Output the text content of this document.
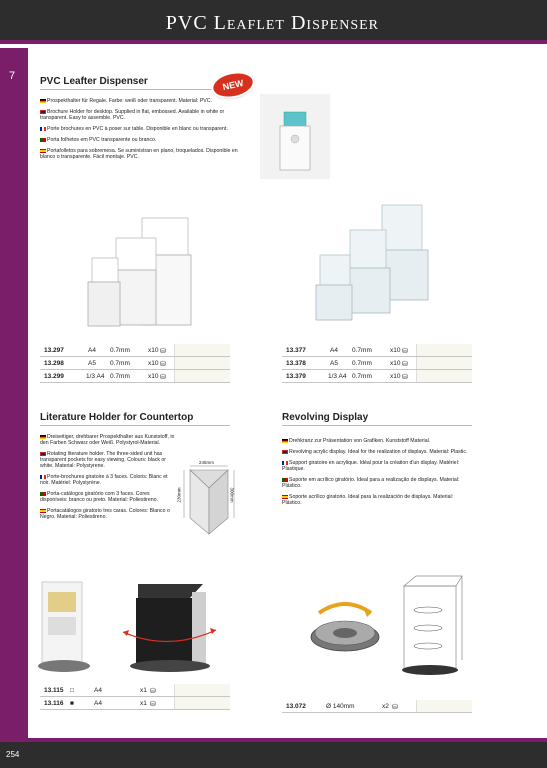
PVC Leaflet Dispenser
7 PVC Leafter Dispenser

Prospekthalter für Regale. Farbe: weiß oder transparent. Material: PVC.

Brochure Holder for desktop. Supplied in flat, embossed. Available in white or transparent. Easy to assemble. PVC.

Porte brochures en PVC à poser sur table. Disponible en blanc ou transparent.

Porta folhetos em PVC transparente ou branco.

Portafolletos para sobremesa. Se suministran en plano, troquelados. Disponible en blanco o transparente. Fácil montaje. PVC.

NEW
13.297	A4 0.7mm	x10 ⛁
13.298	A5 0.7mm	x10 ⛁
13.299	1/3 A4 0.7mm	x10 ⛁
13.377	A4 0.7mm	x10 ⛁
13.378	A5 0.7mm	x10 ⛁
13.379	1/3 A4 0.7mm	x10 ⛁
Literature Holder for Countertop

Dreiseitiger, drehbarer Prospekthalter aus Kunststoff, in den Farben Schwarz oder Weiß. Polystyrol-Material.

Rotating literature holder. The three-sided unit has transparent pockets for easy viewing. Colours: black or white. Material: Polystyrene.

Porte-brochures giratoire à 3 faces. Coloris: Blanc et noir. Matériel: Polystyrène.

Porta-catálogos giratório com 3 faces. Cores disponíveis: branco ou preto. Material: Poliestireno.

Portacatálogos giratorio tres caras. Colores: Blanco o Negro. Material: Poliestireno.

245mm
230mm	300mm
13.115 □	A4	x1 ⛁
13.116 ■	A4	x1 ⛁
Revolving Display

Drehkranz zur Präsentation von Grafiken. Kunststoff Material.

Revolving acrylic display. Ideal for the realization of displays. Material: Plastic.

Support giratoire en acrylique. Idéal pour la création d'un display. Matériel: Plastique.

Suporte em acrílico giratório. Ideal para a realização de displays. Material: Plástico.

Soporte acrílico giratorio. Ideal para la realización de displays. Material: Plástico.

13.072	Ø 140mm	x2 ⛁
254
